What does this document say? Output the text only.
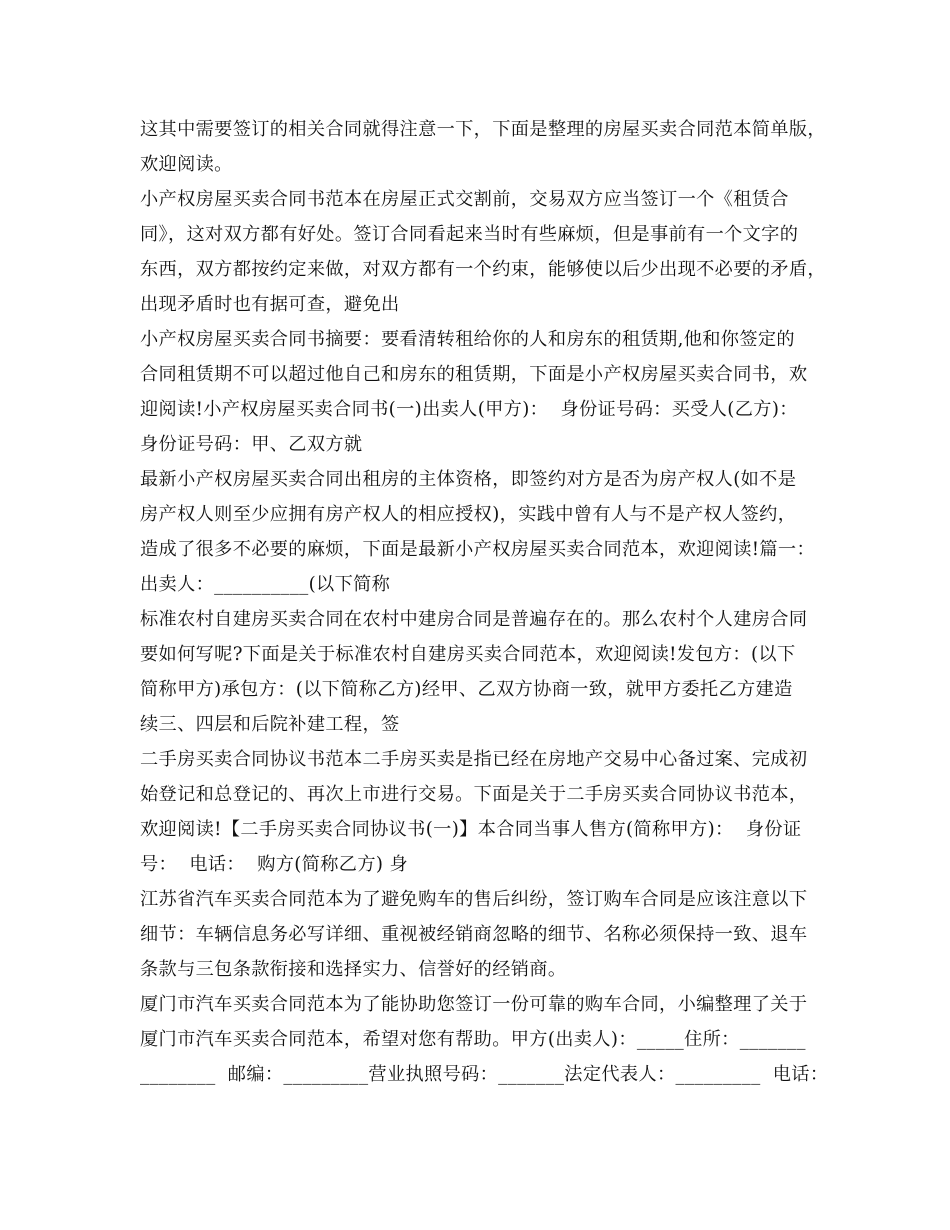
这其中需要签订的相关合同就得注意一下，下面是整理的房屋买卖合同范本简单版，
欢迎阅读。
小产权房屋买卖合同书范本在房屋正式交割前，交易双方应当签订一个《租赁合
同》，这对双方都有好处。签订合同看起来当时有些麻烦，但是事前有一个文字的
东西，双方都按约定来做，对双方都有一个约束，能够使以后少出现不必要的矛盾，
出现矛盾时也有据可查，避免出
小产权房屋买卖合同书摘要：要看清转租给你的人和房东的租赁期,他和你签定的
合同租赁期不可以超过他自己和房东的租赁期，下面是小产权房屋买卖合同书，欢
迎阅读!小产权房屋买卖合同书(一)出卖人(甲方)：  身份证号码：买受人(乙方)：
身份证号码：甲、乙双方就
最新小产权房屋买卖合同出租房的主体资格，即签约对方是否为房产权人(如不是
房产权人则至少应拥有房产权人的相应授权)，实践中曾有人与不是产权人签约，
造成了很多不必要的麻烦，下面是最新小产权房屋买卖合同范本，欢迎阅读!篇一：
出卖人：__________(以下简称
标准农村自建房买卖合同在农村中建房合同是普遍存在的。那么农村个人建房合同
要如何写呢?下面是关于标准农村自建房买卖合同范本，欢迎阅读!发包方：(以下
简称甲方)承包方：(以下简称乙方)经甲、乙双方协商一致，就甲方委托乙方建造
续三、四层和后院补建工程，签
二手房买卖合同协议书范本二手房买卖是指已经在房地产交易中心备过案、完成初
始登记和总登记的、再次上市进行交易。下面是关于二手房买卖合同协议书范本，
欢迎阅读!【二手房买卖合同协议书(一)】本合同当事人售方(简称甲方)：  身份证
号：  电话：  购方(简称乙方) 身
江苏省汽车买卖合同范本为了避免购车的售后纠纷，签订购车合同是应该注意以下
细节：车辆信息务必写详细、重视被经销商忽略的细节、名称必须保持一致、退车
条款与三包条款衔接和选择实力、信誉好的经销商。
厦门市汽车买卖合同范本为了能协助您签订一份可靠的购车合同，小编整理了关于
厦门市汽车买卖合同范本，希望对您有帮助。甲方(出卖人)：_____住所：_______
________  邮编：_________营业执照号码：_______法定代表人：_________  电话：
